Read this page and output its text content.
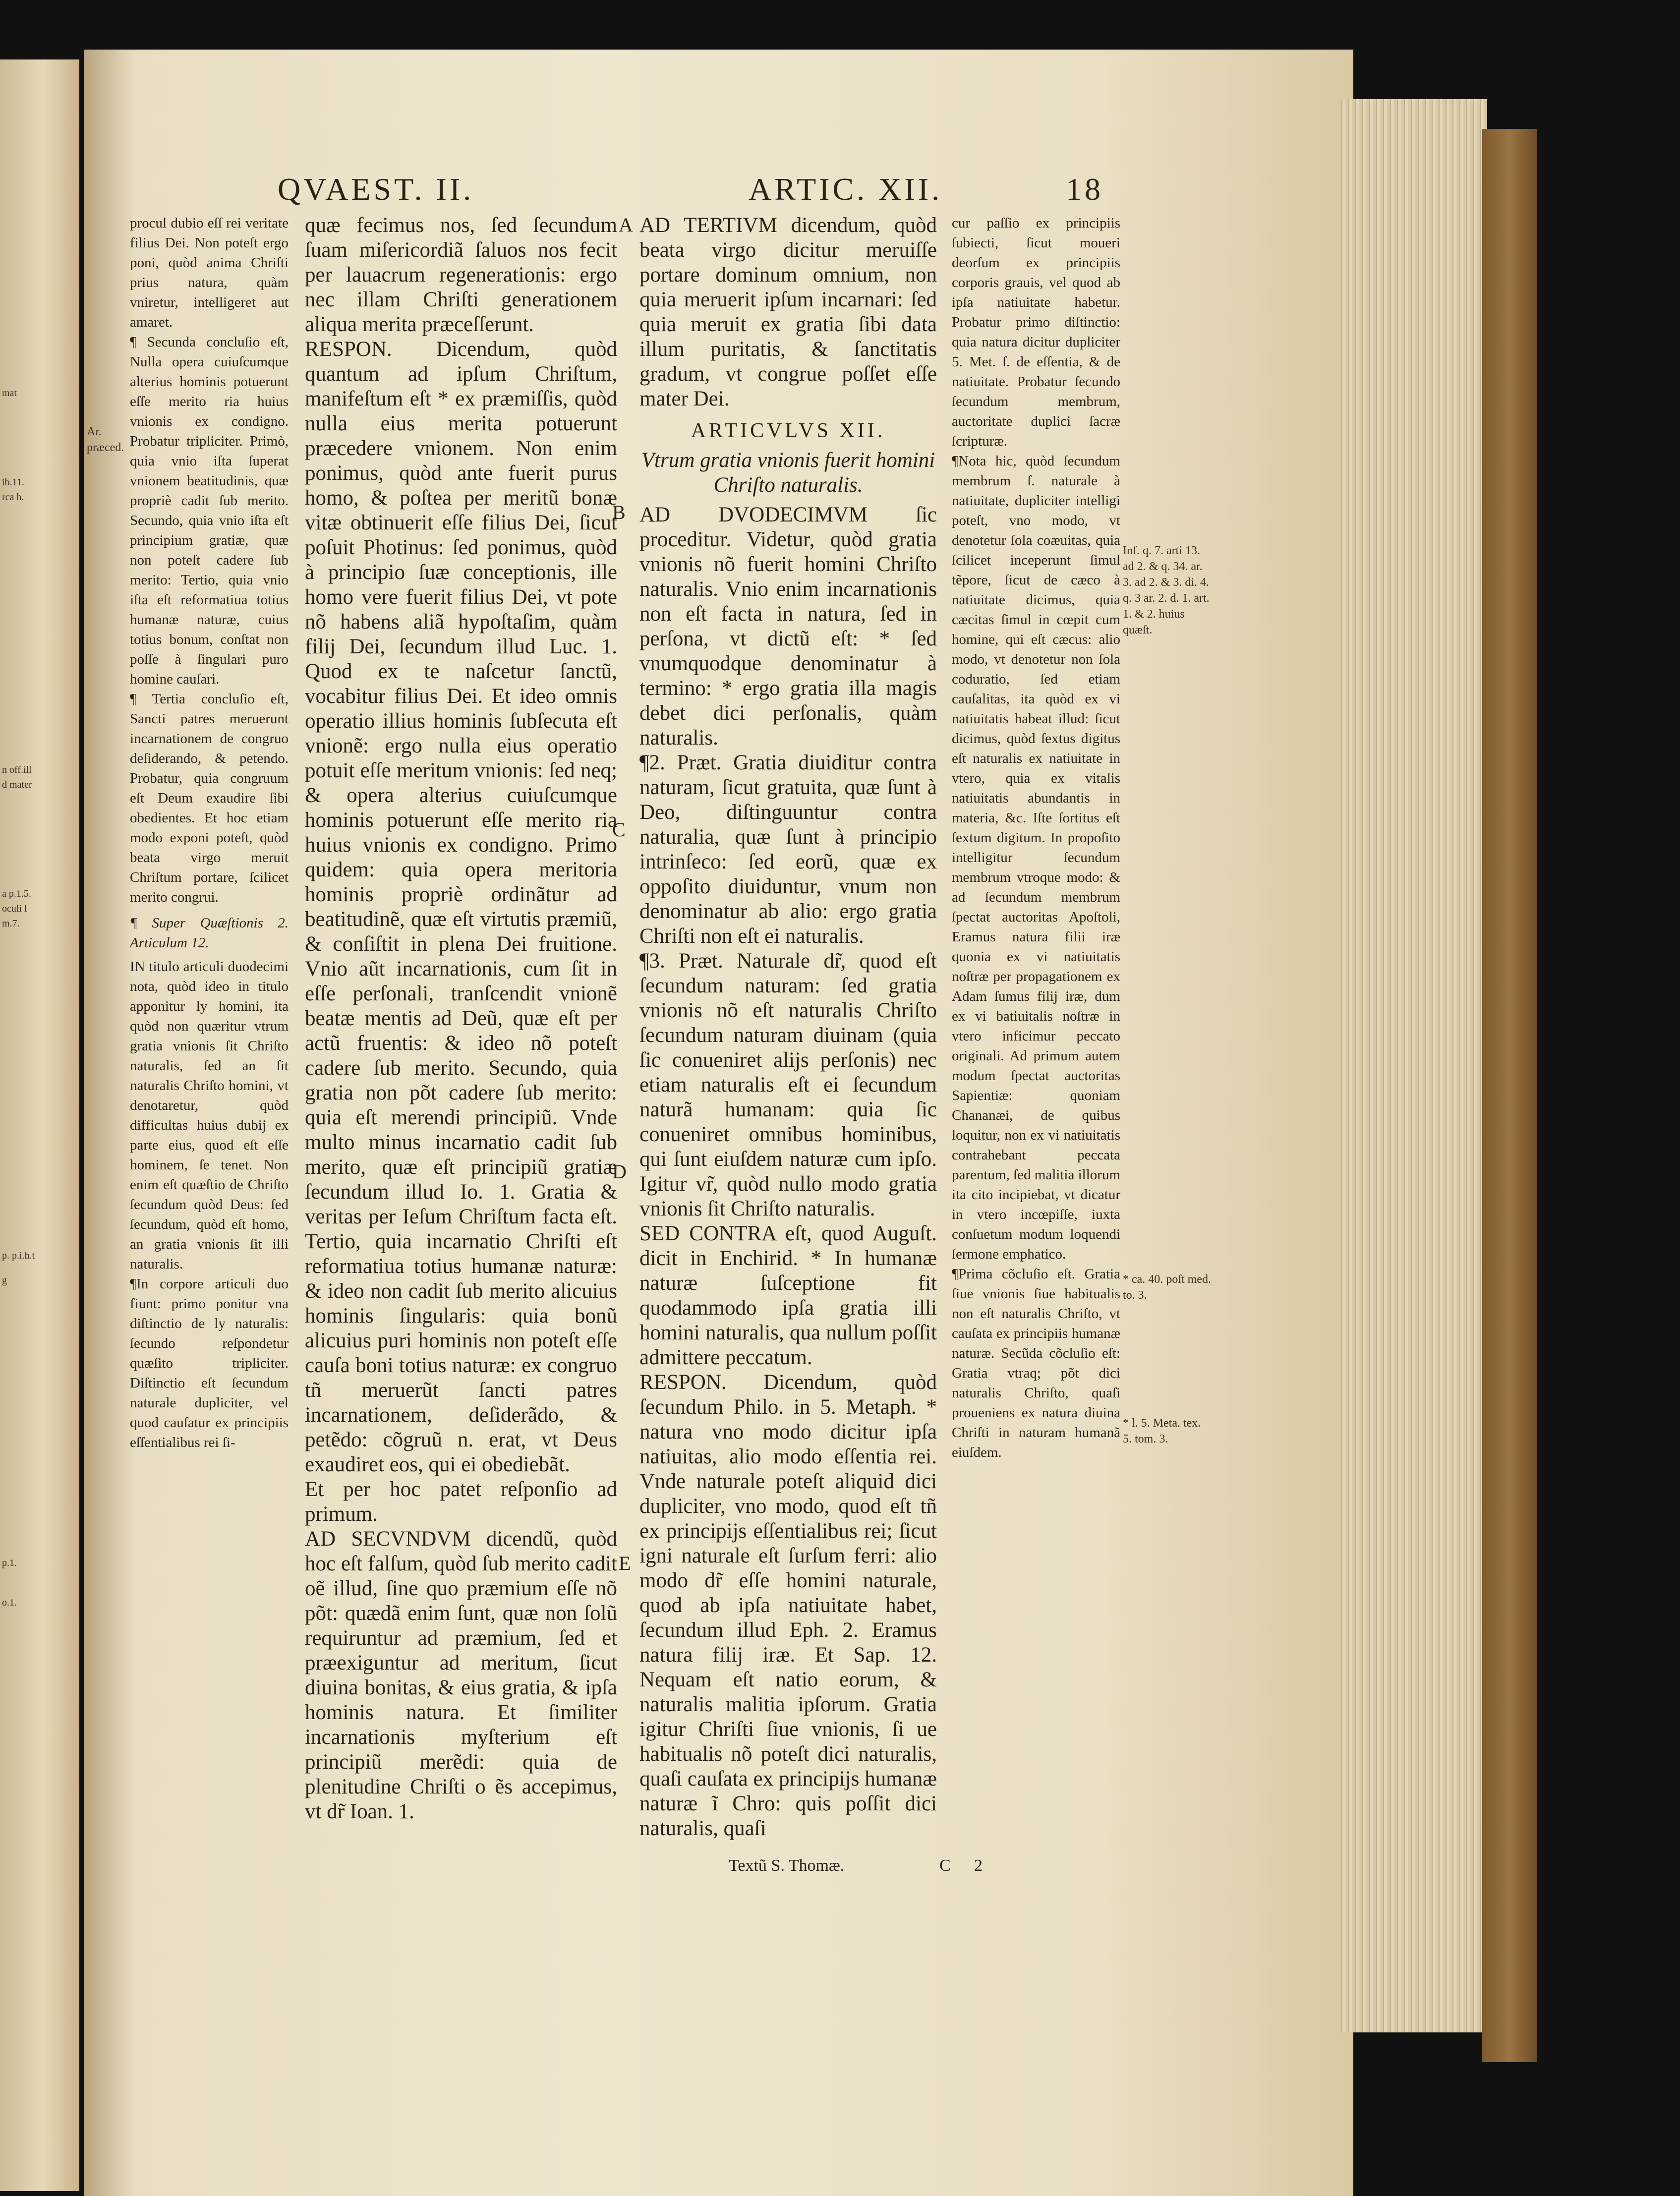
mat
ib.11.
rca h.
n off.ill
d mater
a p.1.5.
oculi l
m.7.
p. p.i.h.t
g
p.1.
o.1.
QVAEST. II.	ARTIC. XII.	18

procul dubio eſſ rei veritate filius Dei. Non poteſt ergo poni, quòd anima Chriſti prius natura, quàm vniretur, intelligeret aut amaret.

¶ Secunda concluſio eſt, Nulla opera cuiuſcumque alterius hominis potuerunt eſſe merito ria huius vnionis ex condigno. Probatur tripliciter. Primò, quia vnio iſta ſuperat vnionem beatitudinis, quæ propriè cadit ſub merito. Secundo, quia vnio iſta eſt principium gratiæ, quæ non poteſt cadere ſub merito: Tertio, quia vnio iſta eſt reformatiua totius humanæ naturæ, cuius totius bonum, conſtat non poſſe à ſingulari puro homine cauſari.

¶ Tertia concluſio eſt, Sancti patres meruerunt incarnationem de congruo deſiderando, & petendo. Probatur, quia congruum eſt Deum exaudire ſibi obedientes. Et hoc etiam modo exponi poteſt, quòd beata virgo meruit Chriſtum portare, ſcilicet merito congrui.

¶ Super Quæſtionis 2. Articulum 12.

IN titulo articuli duodecimi nota, quòd ideo in titulo apponitur ly homini, ita quòd non quæritur vtrum gratia vnionis ſit Chriſto naturalis, ſed an ſit naturalis Chriſto homini, vt denotaretur, quòd difficultas huius dubij ex parte eius, quod eſt eſſe hominem, ſe tenet. Non enim eſt quæſtio de Chriſto ſecundum quòd Deus: ſed ſecundum, quòd eſt homo, an gratia vnionis ſit illi naturalis.

¶In corpore articuli duo fiunt: primo ponitur vna diſtinctio de ly naturalis: ſecundo reſpondetur quæſito tripliciter. Diſtinctio eſt ſecundum naturale dupliciter, vel quod cauſatur ex principiis eſſentialibus rei ſi-

quæ fecimus nos, ſed ſecundum ſuam miſericordiã ſaluos nos fecit per lauacrum regenerationis: ergo nec illam Chriſti generationem aliqua merita præceſſerunt.

RESPON. Dicendum, quòd quantum ad ipſum Chriſtum, manifeſtum eſt * ex præmiſſis, quòd nulla eius merita potuerunt præcedere vnionem. Non enim ponimus, quòd ante fuerit purus homo, & poſtea per meritũ bonæ vitæ obtinuerit eſſe filius Dei, ſicut poſuit Photinus: ſed ponimus, quòd à principio ſuæ conceptionis, ille homo vere fuerit filius Dei, vt pote nõ habens aliã hypoſtaſim, quàm filij Dei, ſecundum illud Luc. 1. Quod ex te naſcetur ſanctũ, vocabitur filius Dei. Et ideo omnis operatio illius hominis ſubſecuta eſt vnionẽ: ergo nulla eius operatio potuit eſſe meritum vnionis: ſed neq; & opera alterius cuiuſcumque hominis potuerunt eſſe merito ria huius vnionis ex condigno. Primo quidem: quia opera meritoria hominis propriè ordinãtur ad beatitudinẽ, quæ eſt virtutis præmiũ, & conſiſtit in plena Dei fruitione. Vnio aũt incarnationis, cum ſit in eſſe perſonali, tranſcendit vnionẽ beatæ mentis ad Deũ, quæ eſt per actũ fruentis: & ideo nõ poteſt cadere ſub merito. Secundo, quia gratia non põt cadere ſub merito: quia eſt merendi principiũ. Vnde multo minus incarnatio cadit ſub merito, quæ eſt principiũ gratiæ ſecundum illud Io. 1. Gratia & veritas per Ieſum Chriſtum facta eſt. Tertio, quia incarnatio Chriſti eſt reformatiua totius humanæ naturæ: & ideo non cadit ſub merito alicuius hominis ſingularis: quia bonũ alicuius puri hominis non poteſt eſſe cauſa boni totius naturæ: ex congruo tñ meruerũt ſancti patres incarnationem, deſiderãdo, & petẽdo: cõgruũ n. erat, vt Deus exaudiret eos, qui ei obediebãt.

Et per hoc patet reſponſio ad primum.

AD SECVNDVM dicendũ, quòd hoc eſt falſum, quòd ſub merito cadit oẽ illud, ſine quo præmium eſſe nõ põt: quædã enim ſunt, quæ non ſolũ requiruntur ad præmium, ſed et præexiguntur ad meritum, ſicut diuina bonitas, & eius gratia, & ipſa hominis natura. Et ſimiliter incarnationis myſterium eſt principiũ merẽdi: quia de plenitudine Chriſti o ẽs accepimus, vt dr̃ Ioan. 1.

AD TERTIVM dicendum, quòd beata virgo dicitur meruiſſe portare dominum omnium, non quia meruerit ipſum incarnari: ſed quia meruit ex gratia ſibi data illum puritatis, & ſanctitatis gradum, vt congrue poſſet eſſe mater Dei.

ARTICVLVS XII.

Vtrum gratia vnionis fuerit homini Chriſto naturalis.

AD DVODECIMVM ſic proceditur. Videtur, quòd gratia vnionis nõ fuerit homini Chriſto naturalis. Vnio enim incarnationis non eſt facta in natura, ſed in perſona, vt dictũ eſt: * ſed vnumquodque denominatur à termino: * ergo gratia illa magis debet dici perſonalis, quàm naturalis.

¶2. Præt. Gratia diuiditur contra naturam, ſicut gratuita, quæ ſunt à Deo, diſtinguuntur contra naturalia, quæ ſunt à principio intrinſeco: ſed eorũ, quæ ex oppoſito diuiduntur, vnum non denominatur ab alio: ergo gratia Chriſti non eſt ei naturalis.

¶3. Præt. Naturale dr̃, quod eſt ſecundum naturam: ſed gratia vnionis nõ eſt naturalis Chriſto ſecundum naturam diuinam (quia ſic conueniret alijs perſonis) nec etiam naturalis eſt ei ſecundum naturã humanam: quia ſic conueniret omnibus hominibus, qui ſunt eiuſdem naturæ cum ipſo. Igitur vr̃, quòd nullo modo gratia vnionis ſit Chriſto naturalis.

SED CONTRA eſt, quod Auguſt. dicit in Enchirid. * In humanæ naturæ ſuſceptione fit quodammodo ipſa gratia illi homini naturalis, qua nullum poſſit admittere peccatum.

RESPON. Dicendum, quòd ſecundum Philo. in 5. Metaph. * natura vno modo dicitur ipſa natiuitas, alio modo eſſentia rei. Vnde naturale poteſt aliquid dici dupliciter, vno modo, quod eſt tñ ex principijs eſſentialibus rei; ſicut igni naturale eſt ſurſum ferri: alio modo dr̃ eſſe homini naturale, quod ab ipſa natiuitate habet, ſecundum illud Eph. 2. Eramus natura filij iræ. Et Sap. 12. Nequam eſt natio eorum, & naturalis malitia ipſorum. Gratia igitur Chriſti ſiue vnionis, ſi ue habitualis nõ poteſt dici naturalis, quaſi cauſata ex principijs humanæ naturæ ĩ Chro: quis poſſit dici naturalis, quaſi

cur paſſio ex principiis ſubiecti, ſicut moueri deorſum ex principiis corporis grauis, vel quod ab ipſa natiuitate habetur. Probatur primo diſtinctio: quia natura dicitur dupliciter 5. Met. ſ. de eſſentia, & de natiuitate. Probatur ſecundo ſecundum membrum, auctoritate duplici ſacræ ſcripturæ.

¶Nota hic, quòd ſecundum membrum ſ. naturale à natiuitate, dupliciter intelligi poteſt, vno modo, vt denotetur ſola coæuitas, quia ſcilicet inceperunt ſimul tẽpore, ſicut de cæco à natiuitate dicimus, quia cæcitas ſimul in cœpit cum homine, qui eſt cæcus: alio modo, vt denotetur non ſola coduratio, ſed etiam cauſalitas, ita quòd ex vi natiuitatis habeat illud: ſicut dicimus, quòd ſextus digitus eſt naturalis ex natiuitate in vtero, quia ex vitalis natiuitatis abundantis in materia, &c. Iſte ſortitus eſt ſextum digitum. In propoſito intelligitur ſecundum membrum vtroque modo: & ad ſecundum membrum ſpectat auctoritas Apoſtoli, Eramus natura filii iræ quonia ex vi natiuitatis noſtræ per propagationem ex Adam ſumus filij iræ, dum ex vi batiuitalis noſtræ in vtero inficimur peccato originali. Ad primum autem modum ſpectat auctoritas Sapientiæ: quoniam Chananæi, de quibus loquitur, non ex vi natiuitatis contrahebant peccata parentum, ſed malitia illorum ita cito incipiebat, vt dicatur in vtero incœpiſſe, iuxta conſuetum modum loquendi ſermone emphatico.

¶Prima cõcluſio eſt. Gratia ſiue vnionis ſiue habitualis non eſt naturalis Chriſto, vt cauſata ex principiis humanæ naturæ. Secũda cõcluſio eſt: Gratia vtraq; põt dici naturalis Chriſto, quaſi proueniens ex natura diuina Chriſti in naturam humanã eiuſdem.

Ar. præced.
Inf. q. 7. arti 13. ad 2. & q. 34. ar. 3. ad 2. & 3. di. 4. q. 3 ar. 2. d. 1. art. 1. & 2. huius quæſt.
* ca. 40. poſt med. to. 3.
* l. 5. Meta. tex. 5. tom. 3.
A
B
C
D
E
Textũ S. Thomæ.	C 2
